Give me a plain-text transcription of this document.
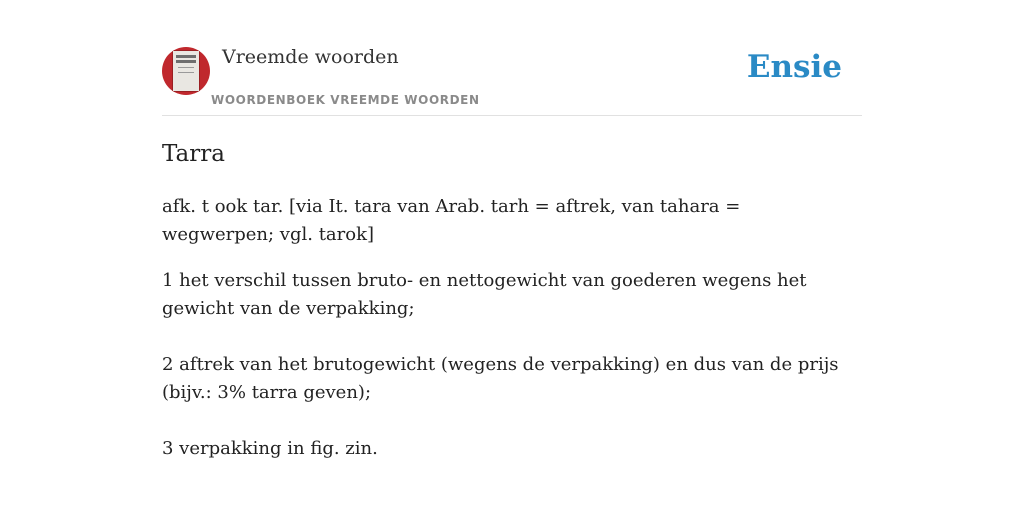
Vreemde woorden
WOORDENBOEK VREEMDE WOORDEN
Ensie
Tarra
afk. t ook tar. [via It. tara van Arab. tarh = aftrek, van tahara = wegwerpen; vgl. tarok]

1 het verschil tussen bruto- en nettogewicht van goederen wegens het gewicht van de verpakking;

2 aftrek van het brutogewicht (wegens de verpakking) en dus van de prijs (bijv.: 3% tarra geven);

3 verpakking in fig. zin.
